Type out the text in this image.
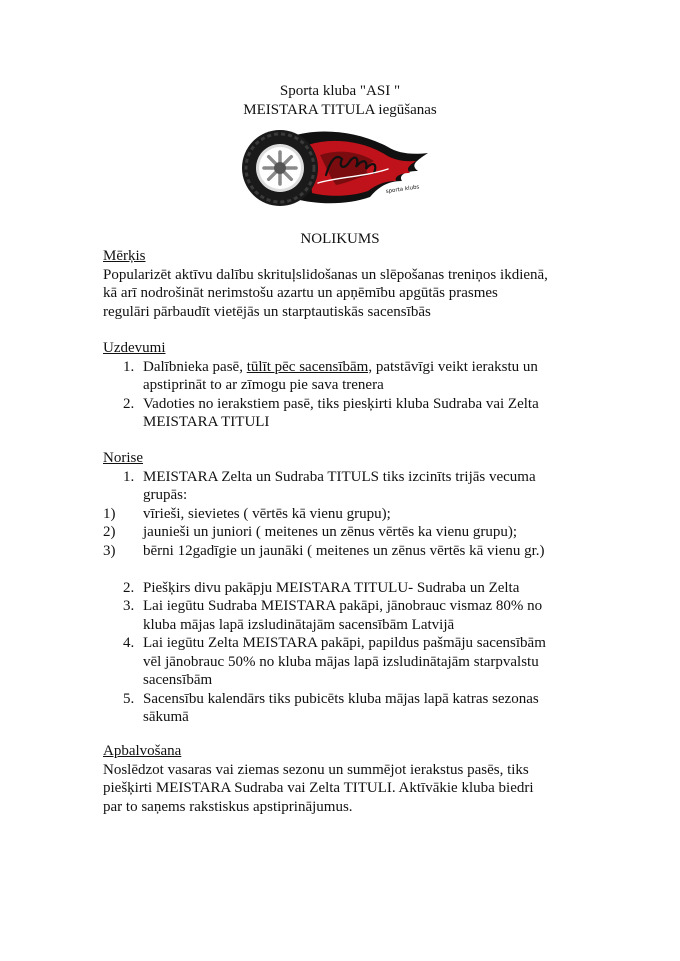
Sporta kluba "ASI "
MEISTARA TITULA iegūšanas
sporta klubs
NOLIKUMS

Mērķis

Popularizēt aktīvu dalību skrituļslidošanas un slēpošanas treniņos ikdienā,

kā arī nodrošināt nerimstošu azartu un apņēmību apgūtās prasmes

regulāri pārbaudīt vietējās un starptautiskās sacensībās

Uzdevumi

1. Dalībnieka pasē, tūlīt pēc sacensībām, patstāvīgi veikt ierakstu un
apstiprināt to ar zīmogu pie sava trenera
2. Vadoties no ierakstiem pasē, tiks piesķirti kluba Sudraba vai Zelta
MEISTARA TITULI

Norise

1. MEISTARA Zelta un Sudraba TITULS tiks izcinīts trijās vecuma
grupās:
1) vīrieši, sievietes ( vērtēs kā vienu grupu);
2) jaunieši un juniori ( meitenes un zēnus vērtēs ka vienu grupu);
3) bērni 12gadīgie un jaunāki ( meitenes un zēnus vērtēs kā vienu gr.)
2. Piešķirs divu pakāpju MEISTARA TITULU- Sudraba un Zelta
3. Lai iegūtu Sudraba MEISTARA pakāpi, jānobrauc vismaz 80% no
kluba mājas lapā izsludinātajām sacensībām Latvijā
4. Lai iegūtu Zelta MEISTARA pakāpi, papildus pašmāju sacensībām
vēl jānobrauc 50% no kluba mājas lapā izsludinātajām starpvalstu
sacensībām
5. Sacensību kalendārs tiks pubicēts kluba mājas lapā katras sezonas
sākumā

Apbalvošana

Noslēdzot vasaras vai ziemas sezonu un summējot ierakstus pasēs, tiks

piešķirti MEISTARA Sudraba vai Zelta TITULI. Aktīvākie kluba biedri

par to saņems rakstiskus apstiprinājumus.
